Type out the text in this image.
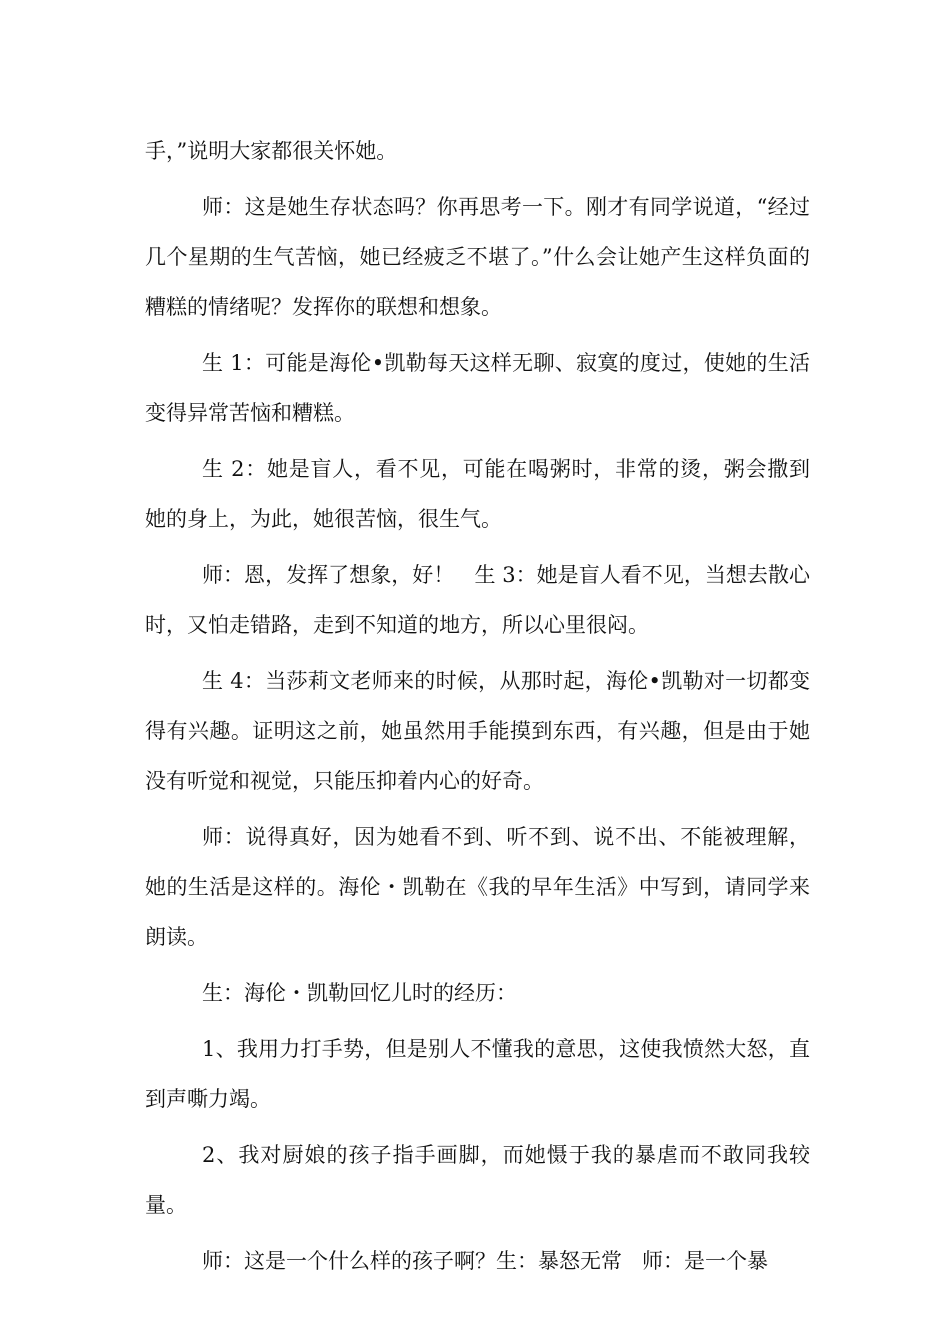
手，”说明大家都很关怀她。

师：这是她生存状态吗？你再思考一下。刚才有同学说道，“经过几个星期的生气苦恼，她已经疲乏不堪了。”什么会让她产生这样负面的糟糕的情绪呢？发挥你的联想和想象。

生 1：可能是海伦•凯勒每天这样无聊、寂寞的度过，使她的生活变得异常苦恼和糟糕。

生 2：她是盲人，看不见，可能在喝粥时，非常的烫，粥会撒到她的身上，为此，她很苦恼，很生气。

师：恩，发挥了想象，好！   生 3：她是盲人看不见，当想去散心时，又怕走错路，走到不知道的地方，所以心里很闷。

生 4：当莎莉文老师来的时候，从那时起，海伦•凯勒对一切都变得有兴趣。证明这之前，她虽然用手能摸到东西，有兴趣，但是由于她没有听觉和视觉，只能压抑着内心的好奇。

师：说得真好，因为她看不到、听不到、说不出、不能被理解，她的生活是这样的。海伦・凯勒在《我的早年生活》中写到，请同学来朗读。

生：海伦・凯勒回忆儿时的经历：

1、我用力打手势，但是别人不懂我的意思，这使我愤然大怒，直到声嘶力竭。

2、我对厨娘的孩子指手画脚，而她慑于我的暴虐而不敢同我较量。

师：这是一个什么样的孩子啊？生：暴怒无常   师：是一个暴
